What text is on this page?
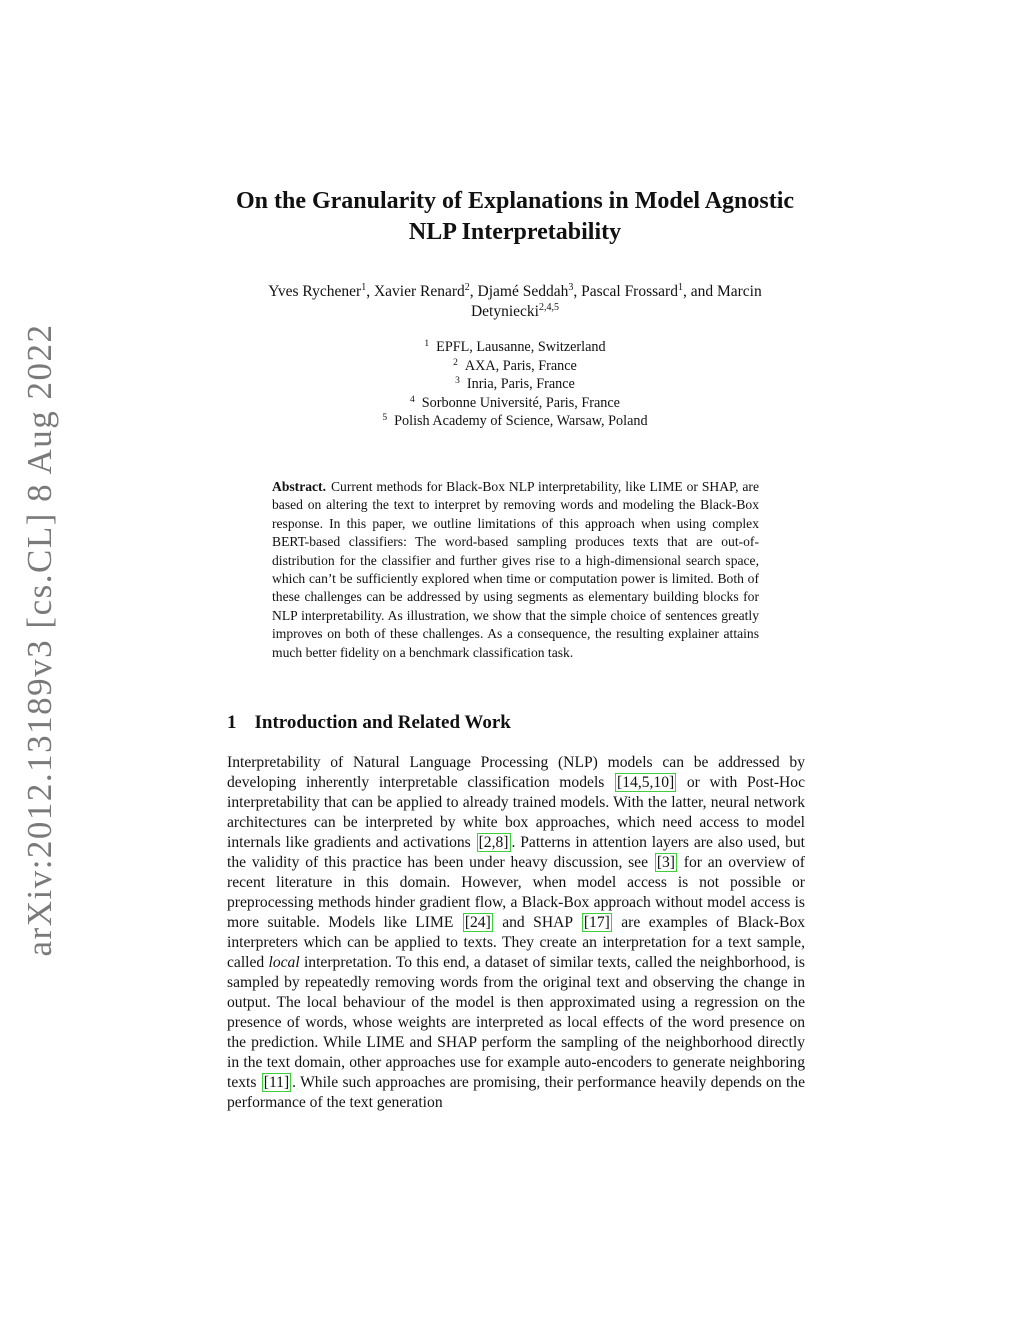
arXiv:2012.13189v3 [cs.CL] 8 Aug 2022
On the Granularity of Explanations in Model Agnostic
NLP Interpretability
Yves Rychener$^1$, Xavier Renard$^2$, Djamé Seddah$^3$, Pascal Frossard$^1$, and Marcin
Detyniecki$^{2,4,5}$
$^1$ EPFL, Lausanne, Switzerland
$^2$ AXA, Paris, France
$^3$ Inria, Paris, France
$^4$ Sorbonne Université, Paris, France
$^5$ Polish Academy of Science, Warsaw, Poland
Abstract. Current methods for Black-Box NLP interpretability, like LIME or SHAP, are based on altering the text to interpret by removing words and modeling the Black-Box response. In this paper, we outline limitations of this approach when using complex BERT-based classifiers: The word-based sampling produces texts that are out-of-distribution for the classifier and further gives rise to a high-dimensional search space, which can’t be sufficiently explored when time or computation power is limited. Both of these challenges can be addressed by using segments as elementary building blocks for NLP interpretability. As illustration, we show that the simple choice of sentences greatly improves on both of these challenges. As a consequence, the resulting explainer attains much better fidelity on a benchmark classification task.
1 Introduction and Related Work
Interpretability of Natural Language Processing (NLP) models can be addressed by developing inherently interpretable classification models [14,5,10] or with Post-Hoc interpretability that can be applied to already trained models. With the latter, neural network architectures can be interpreted by white box approaches, which need access to model internals like gradients and activations [2,8] . Patterns in attention layers are also used, but the validity of this practice has been under heavy discussion, see [3] for an overview of recent literature in this domain. However, when model access is not possible or preprocessing methods hinder gradient flow, a Black-Box approach without model access is more suitable. Models like LIME [24] and SHAP [17] are examples of Black-Box interpreters which can be applied to texts. They create an interpretation for a text sample, called local interpretation. To this end, a dataset of similar texts, called the neighborhood, is sampled by repeatedly removing words from the original text and observing the change in output. The local behaviour of the model is then approximated using a regression on the presence of words, whose weights are interpreted as local effects of the word presence on the prediction. While LIME and SHAP perform the sampling of the neighborhood directly in the text domain, other approaches use for example auto-encoders to generate neighboring texts [11] . While such approaches are promising, their performance heavily depends on the performance of the text generation
